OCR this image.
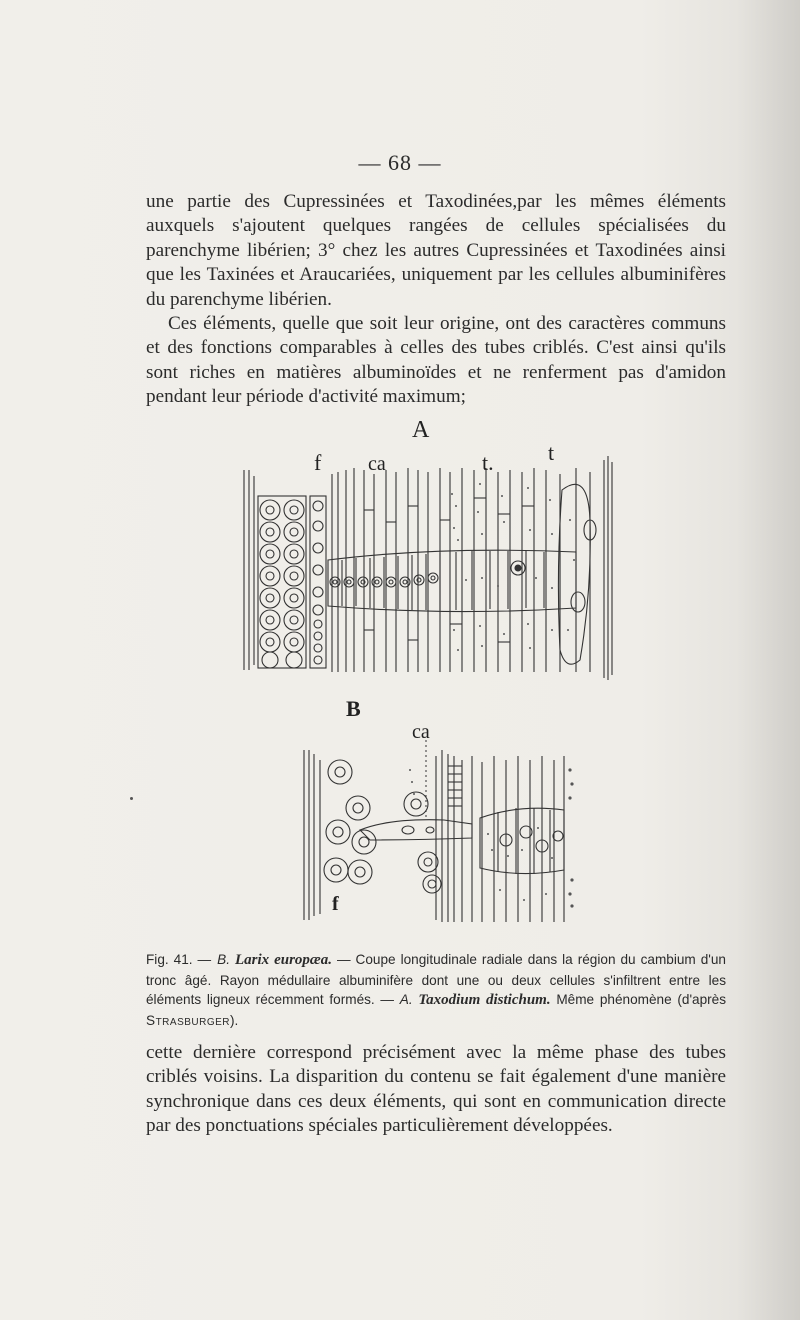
— 68 —

une partie des Cupressinées et Taxodinées,par les mêmes éléments auxquels s'ajoutent quelques rangées de cellules spécialisées du parenchyme libérien; 3° chez les autres Cupressinées et Taxodinées ainsi que les Taxinées et Araucariées, uniquement par les cellules albuminifères du parenchyme libérien.

Ces éléments, quelle que soit leur origine, ont des caractères communs et des fonctions comparables à celles des tubes criblés. C'est ainsi qu'ils sont riches en matières albuminoïdes et ne renferment pas d'amidon pendant leur période d'activité maximum;

A
f ca	t. t
B
ca
f
Fig. 41. — B. Larix europæa. — Coupe longitudinale radiale dans la région du cambium d'un tronc âgé. Rayon médullaire albuminifère dont une ou deux cellules s'infiltrent entre les éléments ligneux récemment formés. — A. Taxodium distichum. Même phénomène (d'après Strasburger).

cette dernière correspond précisément avec la même phase des tubes criblés voisins. La disparition du contenu se fait également d'une manière synchronique dans ces deux éléments, qui sont en communication directe par des ponctuations spéciales particulièrement développées.
